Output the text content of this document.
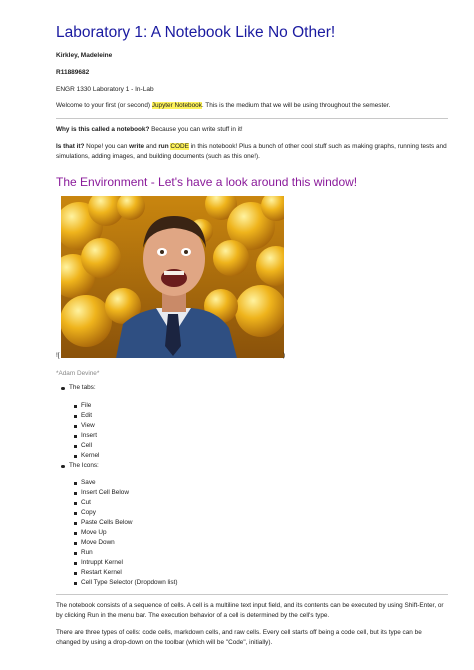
Laboratory 1: A Notebook Like No Other!
Kirkley, Madeleine
R11889682
ENGR 1330 Laboratory 1 - In-Lab
Welcome to your first (or second) Jupyter Notebook. This is the medium that we will be using throughout the semester.
Why is this called a notebook? Because you can write stuff in it!
Is that it? Nope! you can write and run CODE in this notebook! Plus a bunch of other cool stuff such as making graphs, running tests and simulations, adding images, and building documents (such as this one!).
The Environment - Let's have a look around this window!
![	)
*Adam Devine*
The tabs:
File
Edit
View
Insert
Cell
Kernel
The Icons:
Save
Insert Cell Below
Cut
Copy
Paste Cells Below
Move Up
Move Down
Run
Intruppt Kernel
Restart Kernel
Cell Type Selector (Dropdown list)
The notebook consists of a sequence of cells. A cell is a multiline text input field, and its contents can be executed by using Shift-Enter, or by clicking Run in the menu bar. The execution behavior of a cell is determined by the cell's type.
There are three types of cells: code cells, markdown cells, and raw cells. Every cell starts off being a code cell, but its type can be changed by using a drop-down on the toolbar (which will be "Code", initially).
